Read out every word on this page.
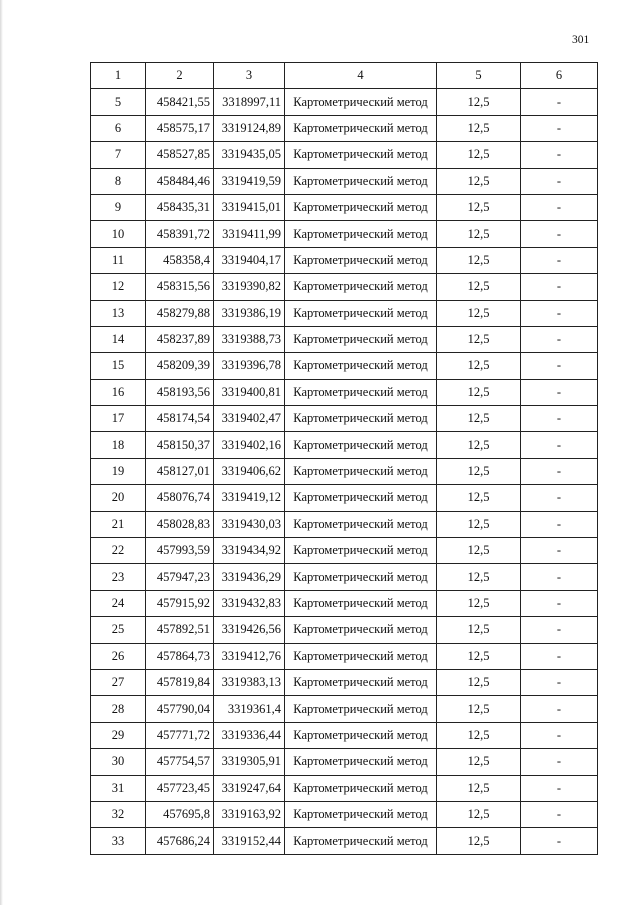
301
1	2	3	4	5	6
5	458421,55	3318997,11	Картометрический метод	12,5	-
6	458575,17	3319124,89	Картометрический метод	12,5	-
7	458527,85	3319435,05	Картометрический метод	12,5	-
8	458484,46	3319419,59	Картометрический метод	12,5	-
9	458435,31	3319415,01	Картометрический метод	12,5	-
10	458391,72	3319411,99	Картометрический метод	12,5	-
11	458358,4	3319404,17	Картометрический метод	12,5	-
12	458315,56	3319390,82	Картометрический метод	12,5	-
13	458279,88	3319386,19	Картометрический метод	12,5	-
14	458237,89	3319388,73	Картометрический метод	12,5	-
15	458209,39	3319396,78	Картометрический метод	12,5	-
16	458193,56	3319400,81	Картометрический метод	12,5	-
17	458174,54	3319402,47	Картометрический метод	12,5	-
18	458150,37	3319402,16	Картометрический метод	12,5	-
19	458127,01	3319406,62	Картометрический метод	12,5	-
20	458076,74	3319419,12	Картометрический метод	12,5	-
21	458028,83	3319430,03	Картометрический метод	12,5	-
22	457993,59	3319434,92	Картометрический метод	12,5	-
23	457947,23	3319436,29	Картометрический метод	12,5	-
24	457915,92	3319432,83	Картометрический метод	12,5	-
25	457892,51	3319426,56	Картометрический метод	12,5	-
26	457864,73	3319412,76	Картометрический метод	12,5	-
27	457819,84	3319383,13	Картометрический метод	12,5	-
28	457790,04	3319361,4	Картометрический метод	12,5	-
29	457771,72	3319336,44	Картометрический метод	12,5	-
30	457754,57	3319305,91	Картометрический метод	12,5	-
31	457723,45	3319247,64	Картометрический метод	12,5	-
32	457695,8	3319163,92	Картометрический метод	12,5	-
33	457686,24	3319152,44	Картометрический метод	12,5	-
